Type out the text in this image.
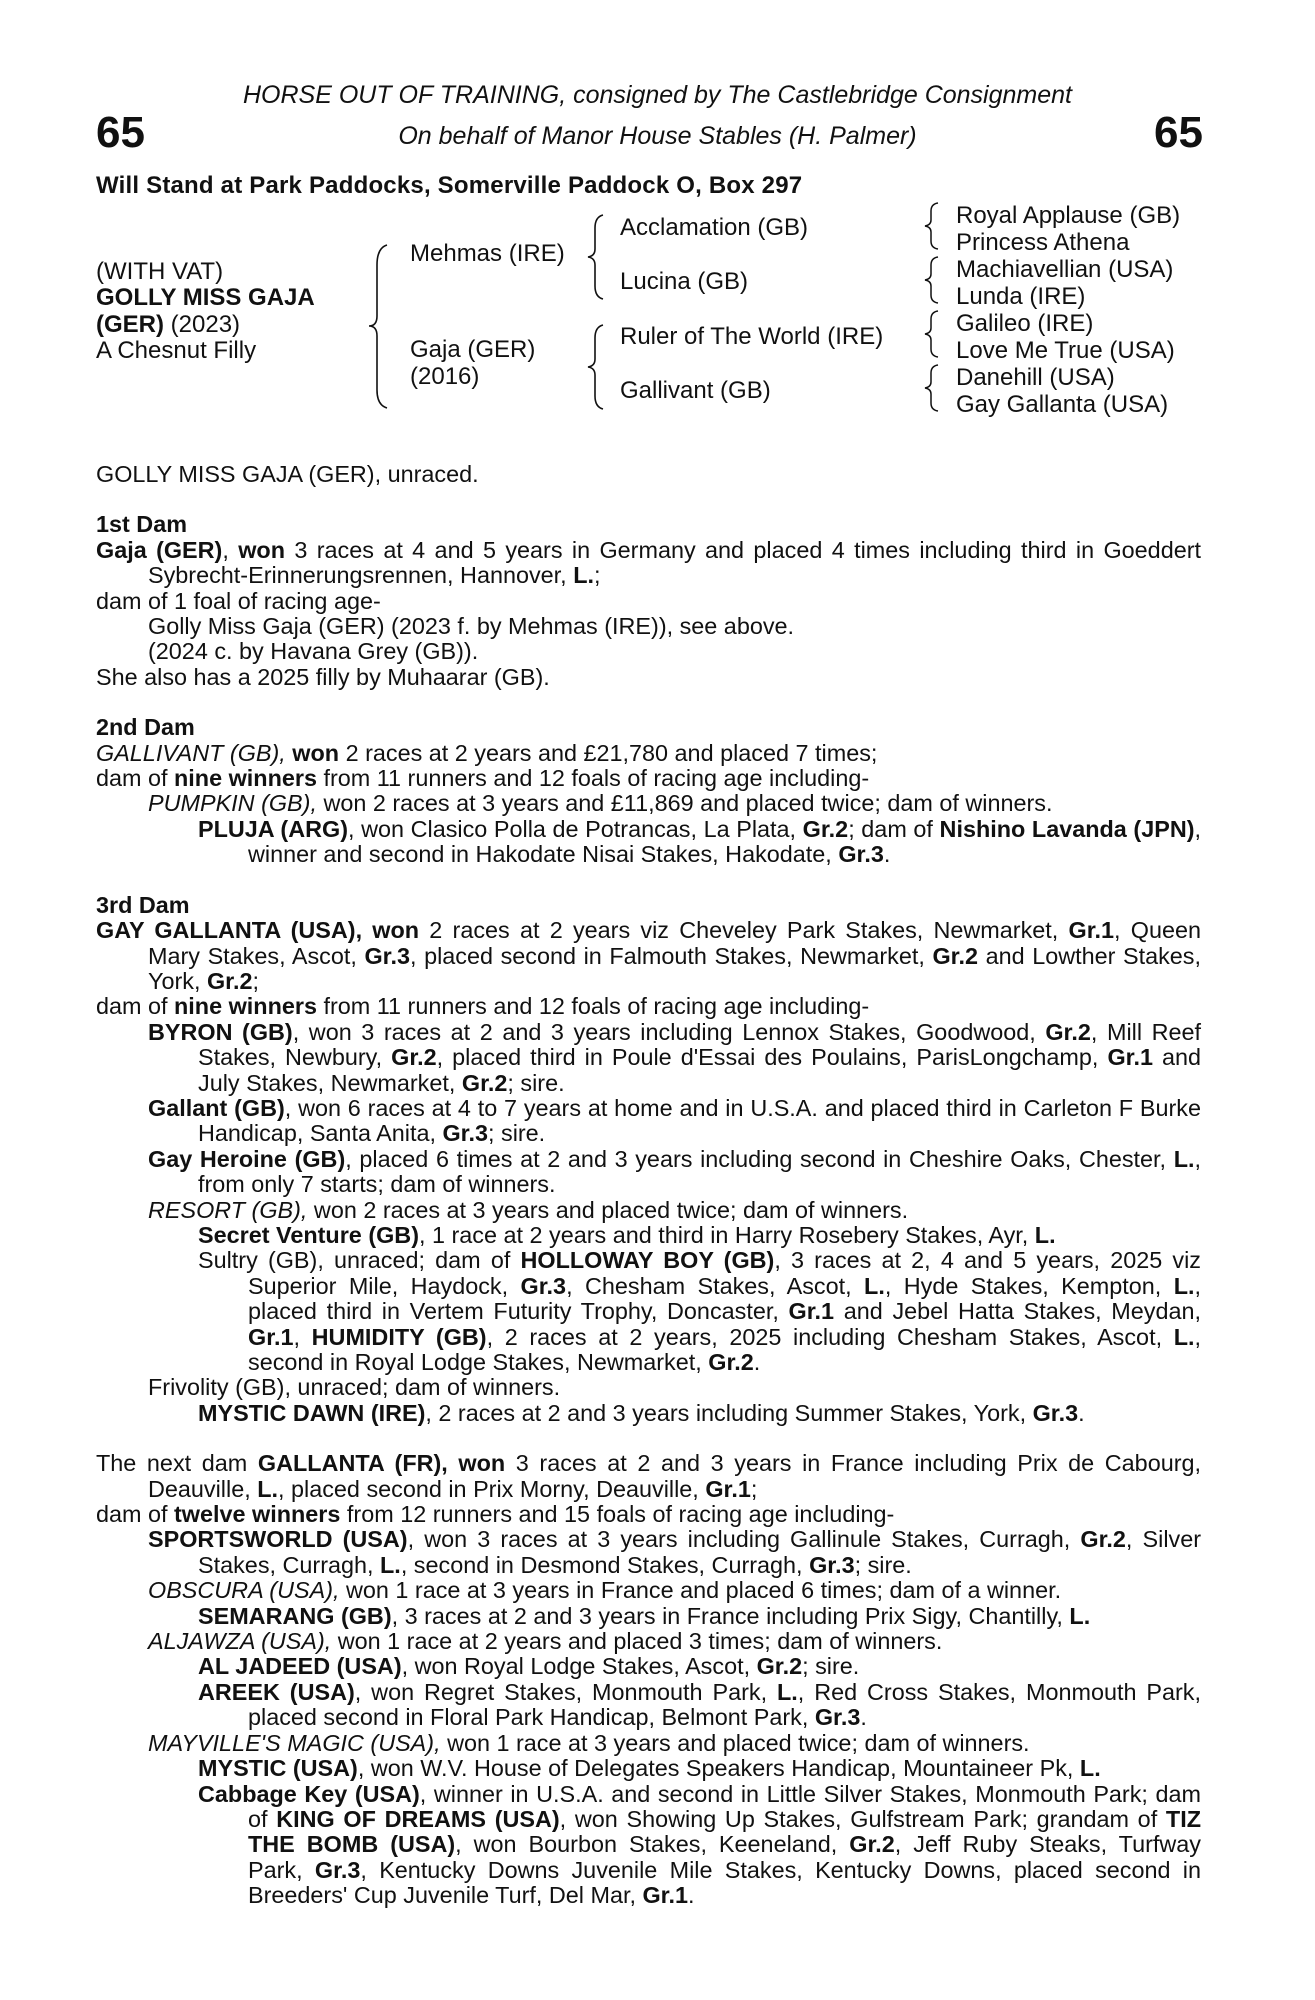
HORSE OUT OF TRAINING, consigned by The Castlebridge Consignment
On behalf of Manor House Stables (H. Palmer)
65	65
Will Stand at Park Paddocks, Somerville Paddock O, Box 297
(WITH VAT)
GOLLY MISS GAJA
(GER) (2023)
A Chesnut Filly
Mehmas (IRE)
Gaja (GER)
(2016)
Acclamation (GB)
Lucina (GB)
Ruler of The World (IRE)
Gallivant (GB)
Royal Applause (GB)
Princess Athena
Machiavellian (USA)
Lunda (IRE)
Galileo (IRE)
Love Me True (USA)
Danehill (USA)
Gay Gallanta (USA)

GOLLY MISS GAJA (GER), unraced.

1st Dam

Gaja (GER), won 3 races at 4 and 5 years in Germany and placed 4 times including third in Goeddert Sybrecht-Erinnerungsrennen, Hannover, L.;

dam of 1 foal of racing age-

Golly Miss Gaja (GER) (2023 f. by Mehmas (IRE)), see above.

(2024 c. by Havana Grey (GB)).

She also has a 2025 filly by Muhaarar (GB).

2nd Dam

GALLIVANT (GB), won 2 races at 2 years and £21,780 and placed 7 times;

dam of nine winners from 11 runners and 12 foals of racing age including-

PUMPKIN (GB), won 2 races at 3 years and £11,869 and placed twice; dam of winners.

PLUJA (ARG), won Clasico Polla de Potrancas, La Plata, Gr.2; dam of Nishino Lavanda (JPN), winner and second in Hakodate Nisai Stakes, Hakodate, Gr.3.

3rd Dam

GAY GALLANTA (USA), won 2 races at 2 years viz Cheveley Park Stakes, Newmarket, Gr.1, Queen Mary Stakes, Ascot, Gr.3, placed second in Falmouth Stakes, Newmarket, Gr.2 and Lowther Stakes, York, Gr.2;

dam of nine winners from 11 runners and 12 foals of racing age including-

BYRON (GB), won 3 races at 2 and 3 years including Lennox Stakes, Goodwood, Gr.2, Mill Reef Stakes, Newbury, Gr.2, placed third in Poule d'Essai des Poulains, ParisLongchamp, Gr.1 and July Stakes, Newmarket, Gr.2; sire.

Gallant (GB), won 6 races at 4 to 7 years at home and in U.S.A. and placed third in Carleton F Burke Handicap, Santa Anita, Gr.3; sire.

Gay Heroine (GB), placed 6 times at 2 and 3 years including second in Cheshire Oaks, Chester, L., from only 7 starts; dam of winners.

RESORT (GB), won 2 races at 3 years and placed twice; dam of winners.

Secret Venture (GB), 1 race at 2 years and third in Harry Rosebery Stakes, Ayr, L.

Sultry (GB), unraced; dam of HOLLOWAY BOY (GB), 3 races at 2, 4 and 5 years, 2025 viz Superior Mile, Haydock, Gr.3, Chesham Stakes, Ascot, L., Hyde Stakes, Kempton, L., placed third in Vertem Futurity Trophy, Doncaster, Gr.1 and Jebel Hatta Stakes, Meydan, Gr.1, HUMIDITY (GB), 2 races at 2 years, 2025 including Chesham Stakes, Ascot, L., second in Royal Lodge Stakes, Newmarket, Gr.2.

Frivolity (GB), unraced; dam of winners.

MYSTIC DAWN (IRE), 2 races at 2 and 3 years including Summer Stakes, York, Gr.3.

The next dam GALLANTA (FR), won 3 races at 2 and 3 years in France including Prix de Cabourg, Deauville, L., placed second in Prix Morny, Deauville, Gr.1;

dam of twelve winners from 12 runners and 15 foals of racing age including-

SPORTSWORLD (USA), won 3 races at 3 years including Gallinule Stakes, Curragh, Gr.2, Silver Stakes, Curragh, L., second in Desmond Stakes, Curragh, Gr.3; sire.

OBSCURA (USA), won 1 race at 3 years in France and placed 6 times; dam of a winner.

SEMARANG (GB), 3 races at 2 and 3 years in France including Prix Sigy, Chantilly, L.

ALJAWZA (USA), won 1 race at 2 years and placed 3 times; dam of winners.

AL JADEED (USA), won Royal Lodge Stakes, Ascot, Gr.2; sire.

AREEK (USA), won Regret Stakes, Monmouth Park, L., Red Cross Stakes, Monmouth Park, placed second in Floral Park Handicap, Belmont Park, Gr.3.

MAYVILLE'S MAGIC (USA), won 1 race at 3 years and placed twice; dam of winners.

MYSTIC (USA), won W.V. House of Delegates Speakers Handicap, Mountaineer Pk, L.

Cabbage Key (USA), winner in U.S.A. and second in Little Silver Stakes, Monmouth Park; dam of KING OF DREAMS (USA), won Showing Up Stakes, Gulfstream Park; grandam of TIZ THE BOMB (USA), won Bourbon Stakes, Keeneland, Gr.2, Jeff Ruby Steaks, Turfway Park, Gr.3, Kentucky Downs Juvenile Mile Stakes, Kentucky Downs, placed second in Breeders' Cup Juvenile Turf, Del Mar, Gr.1.
